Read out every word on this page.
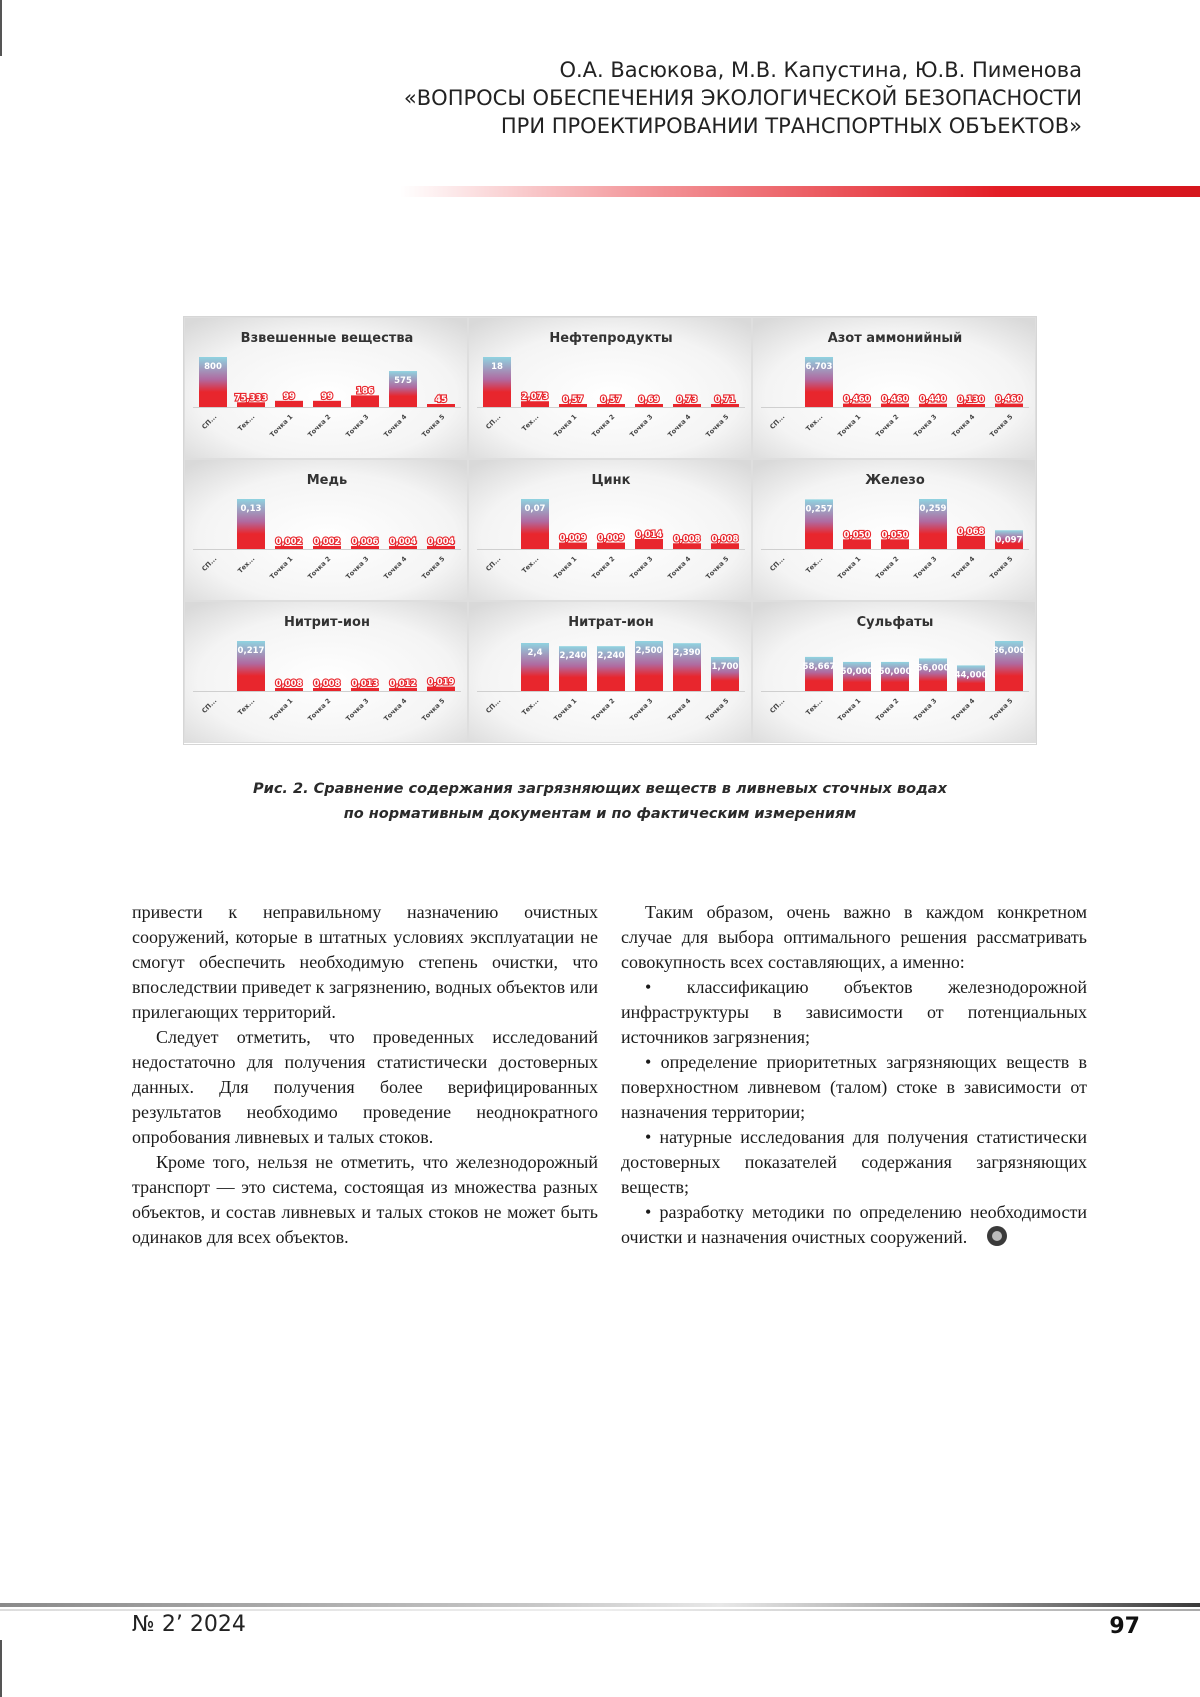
О.А. Васюкова, М.В. Капустина, Ю.В. Пименова
«ВОПРОСЫ ОБЕСПЕЧЕНИЯ ЭКОЛОГИЧЕСКОЙ БЕЗОПАСНОСТИ
ПРИ ПРОЕКТИРОВАНИИ ТРАНСПОРТНЫХ ОБЪЕКТОВ»
Взвешенные вещества
800
СП...
75,333
Тех...
99
Точка 1
99
Точка 2
186
Точка 3
575
Точка 4
45
Точка 5
Нефтепродукты
18
СП...
2,073
Тех...
0,57
Точка 1
0,57
Точка 2
0,69
Точка 3
0,73
Точка 4
0,71
Точка 5
Азот аммонийный
СП...
6,703
Тех...
0,460
Точка 1
0,460
Точка 2
0,440
Точка 3
0,130
Точка 4
0,460
Точка 5
Медь
СП...
0,13
Тех...
0,002
Точка 1
0,002
Точка 2
0,006
Точка 3
0,004
Точка 4
0,004
Точка 5
Цинк
СП...
0,07
Тех...
0,009
Точка 1
0,009
Точка 2
0,014
Точка 3
0,008
Точка 4
0,008
Точка 5
Железо
СП...
0,257
Тех...
0,050
Точка 1
0,050
Точка 2
0,259
Точка 3
0,068
Точка 4
0,097
Точка 5
Нитрит-ион
СП...
0,217
Тех...
0,008
Точка 1
0,008
Точка 2
0,013
Точка 3
0,012
Точка 4
0,019
Точка 5
Нитрат-ион
СП...
2,4
Тех...
2,240
Точка 1
2,240
Точка 2
2,500
Точка 3
2,390
Точка 4
1,700
Точка 5
Сульфаты
СП...
58,667
Тех...
50,000
Точка 1
50,000
Точка 2
56,000
Точка 3
44,000
Точка 4
86,000
Точка 5
Рис. 2. Сравнение содержания загрязняющих веществ в ливневых сточных водах
по нормативным документам и по фактическим измерениям

привести к неправильному назначению очистных сооружений, которые в штатных условиях эксплуатации не смогут обеспечить необходимую степень очистки, что впоследствии приведет к загрязнению, водных объектов или прилегающих территорий.

Следует отметить, что проведенных исследований недостаточно для получения статистически достоверных данных. Для получения более верифицированных результатов необходимо проведение неоднократного опробования ливневых и талых стоков.

Кроме того, нельзя не отметить, что железнодорожный транспорт — это система, состоящая из множества разных объектов, и состав ливневых и талых стоков не может быть одинаков для всех объектов.

Таким образом, очень важно в каждом конкретном случае для выбора оптимального решения рассматривать совокупность всех составляющих, а именно:

• классификацию объектов железнодорожной инфраструктуры в зависимости от потенциальных источников загрязнения;

• определение приоритетных загрязняющих веществ в поверхностном ливневом (талом) стоке в зависимости от назначения территории;

• натурные исследования для получения статистически достоверных показателей содержания загрязняющих веществ;

• разработку методики по определению необходимости очистки и назначения очистных сооружений.

№ 2’ 2024	97
